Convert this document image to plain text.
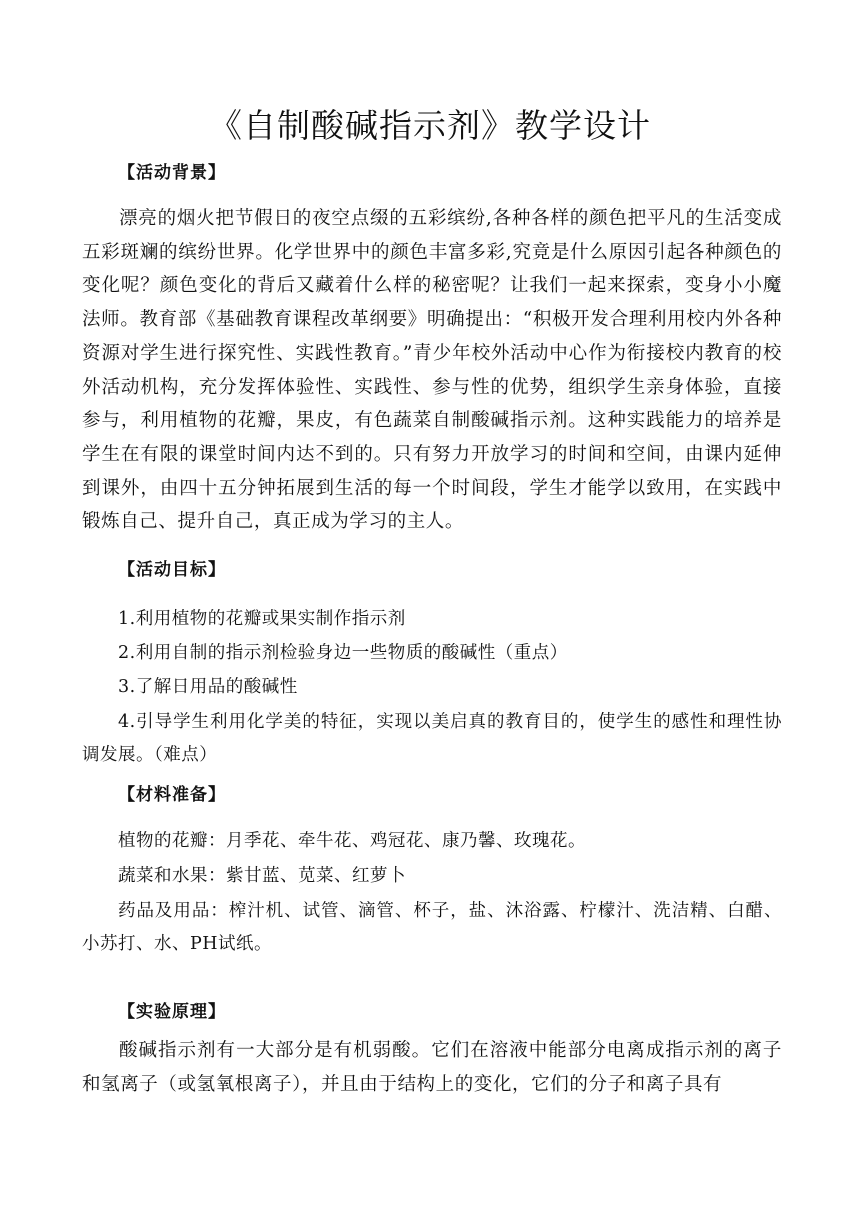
《自制酸碱指示剂》教学设计
【活动背景】

漂亮的烟火把节假日的夜空点缀的五彩缤纷,各种各样的颜色把平凡的生活变成五彩斑斓的缤纷世界。化学世界中的颜色丰富多彩,究竟是什么原因引起各种颜色的变化呢？颜色变化的背后又藏着什么样的秘密呢？让我们一起来探索，变身小小魔法师。教育部《基础教育课程改革纲要》明确提出：“积极开发合理利用校内外各种资源对学生进行探究性、实践性教育。”青少年校外活动中心作为衔接校内教育的校外活动机构，充分发挥体验性、实践性、参与性的优势，组织学生亲身体验，直接参与，利用植物的花瓣，果皮，有色蔬菜自制酸碱指示剂。这种实践能力的培养是学生在有限的课堂时间内达不到的。只有努力开放学习的时间和空间，由课内延伸到课外，由四十五分钟拓展到生活的每一个时间段，学生才能学以致用，在实践中锻炼自己、提升自己，真正成为学习的主人。

【活动目标】
1.利用植物的花瓣或果实制作指示剂
2.利用自制的指示剂检验身边一些物质的酸碱性（重点）
3.了解日用品的酸碱性

4.引导学生利用化学美的特征，实现以美启真的教育目的，使学生的感性和理性协调发展。（难点）

【材料准备】
植物的花瓣：月季花、牵牛花、鸡冠花、康乃馨、玫瑰花。
蔬菜和水果：紫甘蓝、苋菜、红萝卜

药品及用品：榨汁机、试管、滴管、杯子，盐、沐浴露、柠檬汁、洗洁精、白醋、小苏打、水、PH试纸。

【实验原理】

酸碱指示剂有一大部分是有机弱酸。它们在溶液中能部分电离成指示剂的离子和氢离子（或氢氧根离子），并且由于结构上的变化，它们的分子和离子具有
